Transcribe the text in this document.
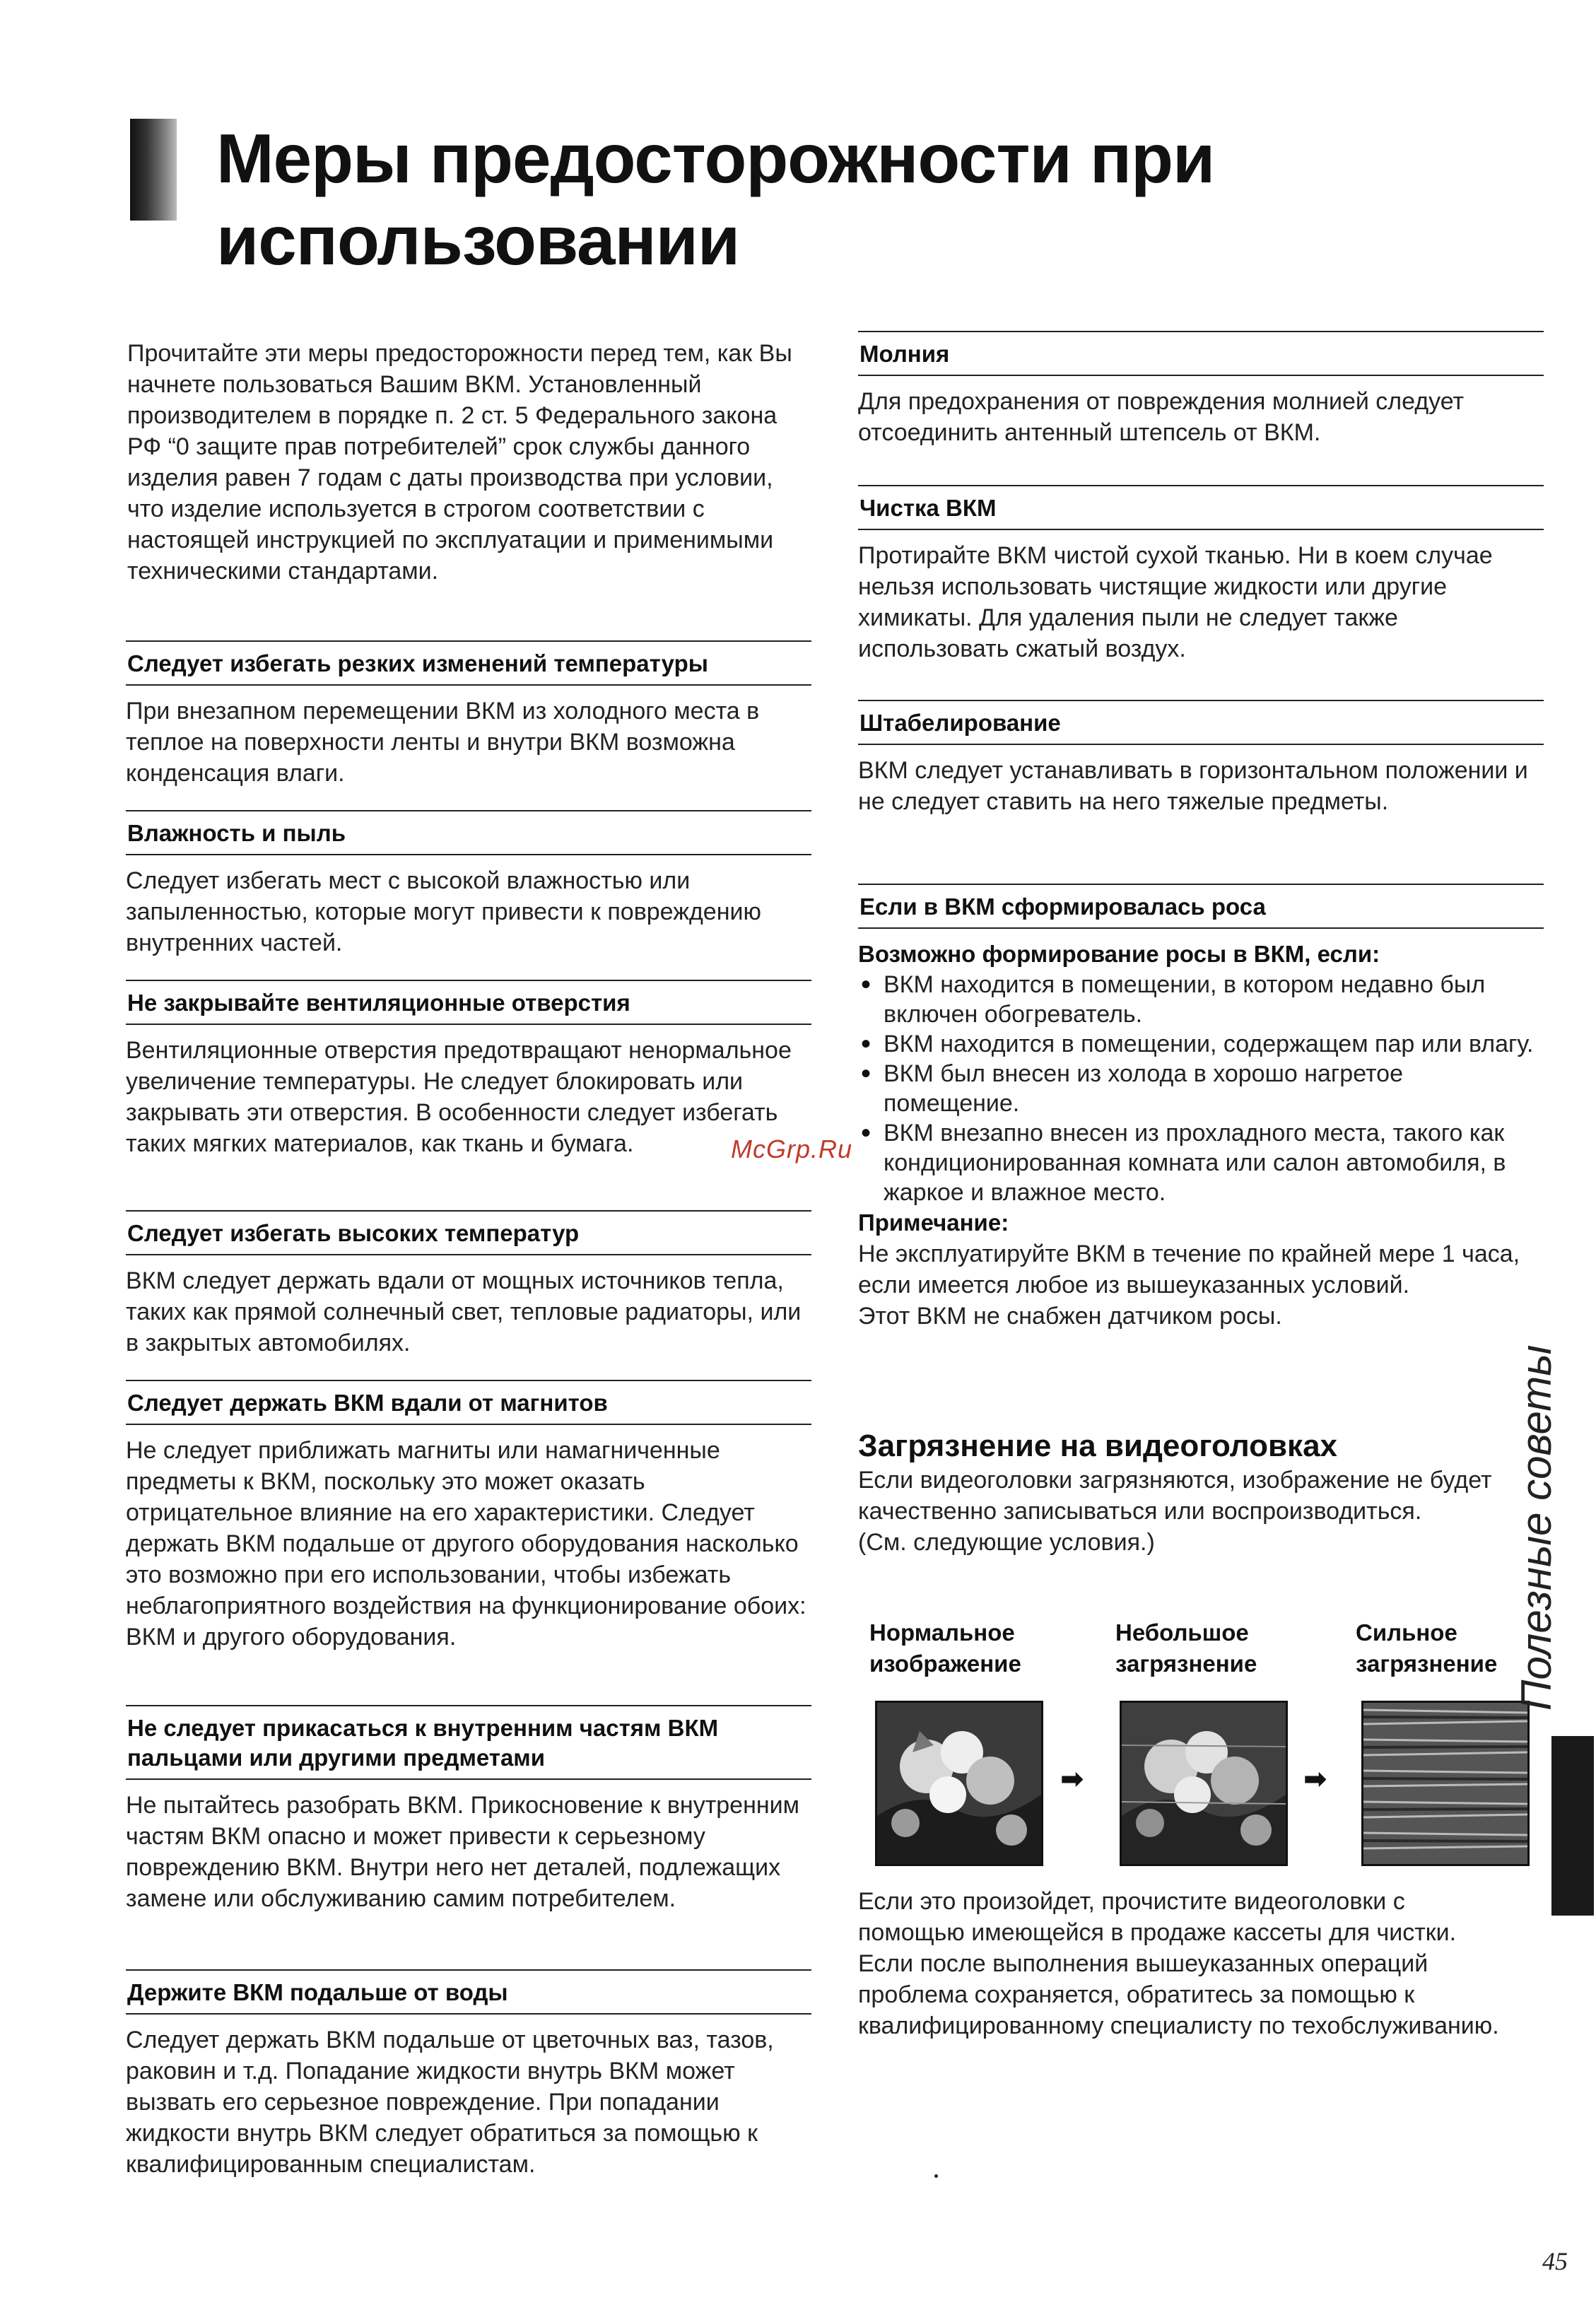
Меры предосторожности при использовании

Прочитайте эти меры предосторожности перед тем, как Вы начнете пользоваться Вашим ВКМ. Установленный производителем в порядке п. 2 ст. 5 Федерального закона РФ “0 защите прав потребителей” срок службы данного изделия равен 7 годам с даты производства при условии, что изделие используется в строгом соответствии с настоящей инструкцией по эксплуатации и применимыми техническими стандартами.

Следует избегать резких изменений температуры

При внезапном перемещении ВКМ из холодного места в теплое на поверхности ленты и внутри ВКМ возможна конденсация влаги.

Влажность и пыль

Следует избегать мест с высокой влажностью или запыленностью, которые могут привести к повреждению внутренних частей.

Не закрывайте вентиляционные отверстия

Вентиляционные отверстия предотвращают ненормальное увеличение температуры. Не следует блокировать или закрывать эти отверстия. В особенности следует избегать таких мягких материалов, как ткань и бумага.

Следует избегать высоких температур

ВКМ следует держать вдали от мощных источников тепла, таких как прямой солнечный свет, тепловые радиаторы, или в закрытых автомобилях.

Следует держать ВКМ вдали от магнитов

Не следует приближать магниты или намагниченные предметы к ВКМ, поскольку это может оказать отрицательное влияние на его характеристики. Следует держать ВКМ подальше от другого оборудования насколько это возможно при его использовании, чтобы избежать неблагоприятного воздействия на функционирование обоих: ВКМ и другого оборудования.

Не следует прикасаться к внутренним частям ВКМ пальцами или другими предметами

Не пытайтесь разобрать ВКМ. Прикосновение к внутренним частям ВКМ опасно и может привести к серьезному повреждению ВКМ. Внутри него нет деталей, подлежащих замене или обслуживанию самим потребителем.

Держите ВКМ подальше от воды

Следует держать ВКМ подальше от цветочных ваз, тазов, раковин и т.д. Попадание жидкости внутрь ВКМ может вызвать его серьезное повреждение. При попадании жидкости внутрь ВКМ следует обратиться за помощью к квалифицированным специалистам.

Молния

Для предохранения от повреждения молнией следует отсоединить антенный штепсель от ВКМ.

Чистка ВКМ

Протирайте ВКМ чистой сухой тканью. Ни в коем случае нельзя использовать чистящие жидкости или другие химикаты. Для удаления пыли не следует также использовать сжатый воздух.

Штабелирование

ВКМ следует устанавливать в горизонтальном положении и не следует ставить на него тяжелые предметы.

Если в ВКМ сформировалась роса

Возможно формирование росы в ВКМ, если:

• ВКМ находится в помещении, в котором недавно был включен обогреватель.
• ВКМ находится в помещении, содержащем пар или влагу.
• ВКМ был внесен из холода в хорошо нагретое помещение.
• ВКМ внезапно внесен из прохладного места, такого как кондиционированная комната или салон автомобиля, в жаркое и влажное место.

Примечание:

Не эксплуатируйте ВКМ в течение по крайней мере 1 часа, если имеется любое из вышеуказанных условий.

Этот ВКМ не снабжен датчиком росы.

Загрязнение на видеоголовках

Если видеоголовки загрязняются, изображение не будет качественно записываться или воспроизводиться.

(См. следующие условия.)

Нормальное изображение
Небольшое загрязнение
Сильное загрязнение
➡	➡

Если это произойдет, прочистите видеоголовки с помощью имеющейся в продаже кассеты для чистки. Если после выполнения вышеуказанных операций проблема сохраняется, обратитесь за помощью к квалифицированному специалисту по техобслуживанию.

McGrp.Ru
Полезные советы
45
